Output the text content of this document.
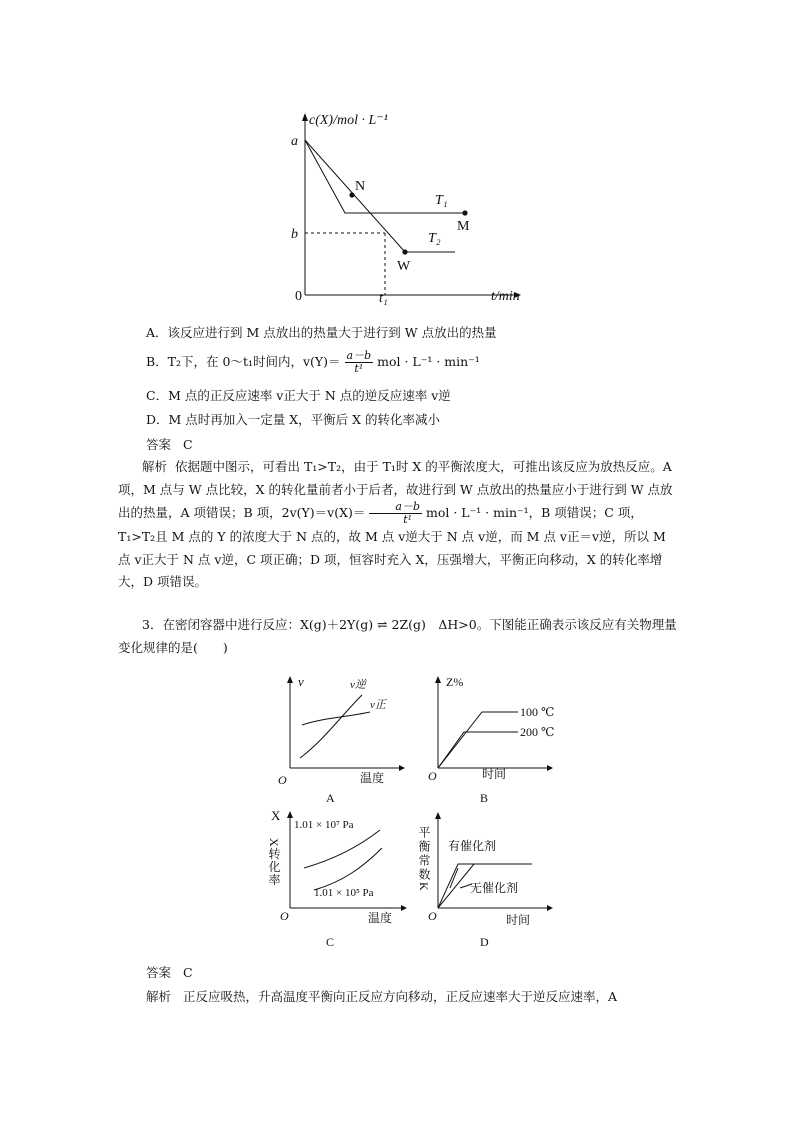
c(X)/mol · L⁻¹
a
b
0	t₁	t/min
N
M
W
T₁
T₂
A．该反应进行到 M 点放出的热量大于进行到 W 点放出的热量
B．T₂下，在 0～t₁时间内，$v(Y)= \frac{a-b}{\text{t¹}}$ mol · L⁻¹ · min⁻¹
C．M 点的正反应速率 v正大于 N 点的逆反应速率 v逆
D．M 点时再加入一定量 X，平衡后 X 的转化率减小
答案 C
解析 依据题中图示，可看出 T₁>T₂，由于 T₁时 X 的平衡浓度大，可推出该反应为放热反应。A 项，M 点与 W 点比较，X 的转化量前者小于后者，故进行到 W 点放出的热量应小于进行到 W 点放出的热量，A 项错误；B 项，$2v(Y)=v(X)= \frac{a-b}{\text{t¹}}$ mol · L⁻¹ · min⁻¹，B 项错误；C 项，T₁>T₂且 M 点的 Y 的浓度大于 N 点的，故 M 点 v逆大于 N 点 v逆，而 M 点 v正＝v逆，所以 M 点 v正大于 N 点 v逆，C 项正确；D 项，恒容时充入 X，压强增大，平衡正向移动，X 的转化率增大，D 项错误。
3．在密闭容器中进行反应：X(g)＋2Y(g) ⇌ 2Z(g)　ΔH>0。下图能正确表示该反应有关物理量变化规律的是(　　)
v	v逆
v正
O	温度
A
Z%
100 ℃
200 ℃
O	时间
B
X
X转化率
1.01 × 10⁷ Pa
1.01 × 10⁵ Pa
O	温度
C
平衡常数K 有催化剂
无催化剂
O	时间
D
答案 C
解析 正反应吸热，升高温度平衡向正反应方向移动，正反应速率大于逆反应速率，A
